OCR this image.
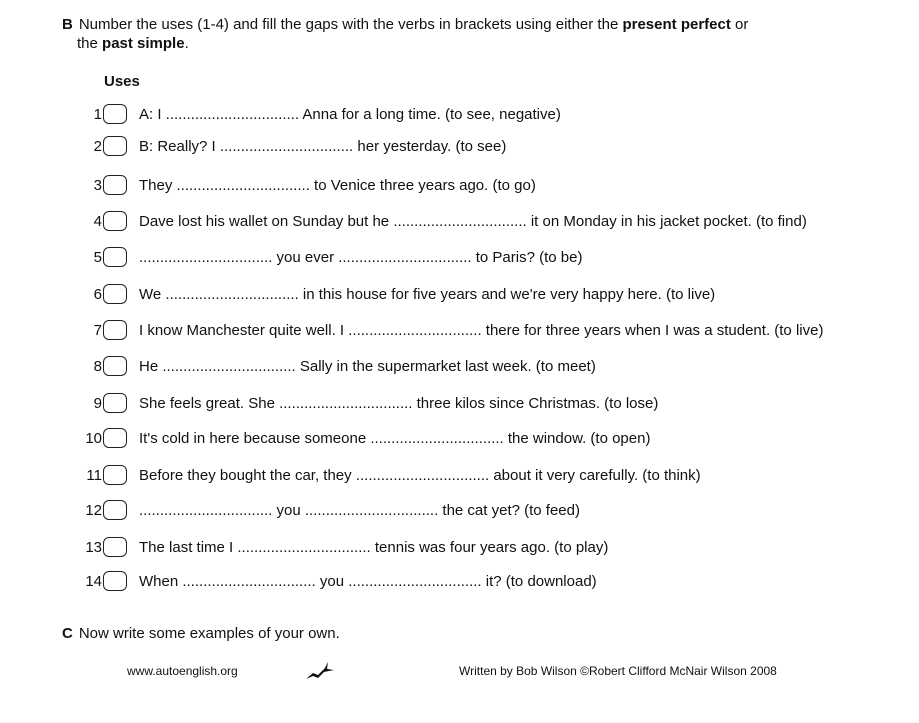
B Number the uses (1-4) and fill the gaps with the verbs in brackets using either the present perfect or
the past simple.
Uses
1 A: I ................................ Anna for a long time. (to see, negative)
2 B: Really? I ................................ her yesterday. (to see)
3 They ................................ to Venice three years ago. (to go)
4 Dave lost his wallet on Sunday but he ................................ it on Monday in his jacket pocket. (to find)
5 ................................ you ever ................................ to Paris? (to be)
6 We ................................ in this house for five years and we're very happy here. (to live)
7 I know Manchester quite well. I ................................ there for three years when I was a student. (to live)
8 He ................................ Sally in the supermarket last week. (to meet)
9 She feels great. She ................................ three kilos since Christmas. (to lose)
10 It's cold in here because someone ................................ the window. (to open)
11 Before they bought the car, they ................................ about it very carefully. (to think)
12 ................................ you ................................ the cat yet? (to feed)
13 The last time I ................................ tennis was four years ago. (to play)
14 When ................................ you ................................ it? (to download)
C Now write some examples of your own.
www.autoenglish.org	Written by Bob Wilson ©Robert Clifford McNair Wilson 2008
